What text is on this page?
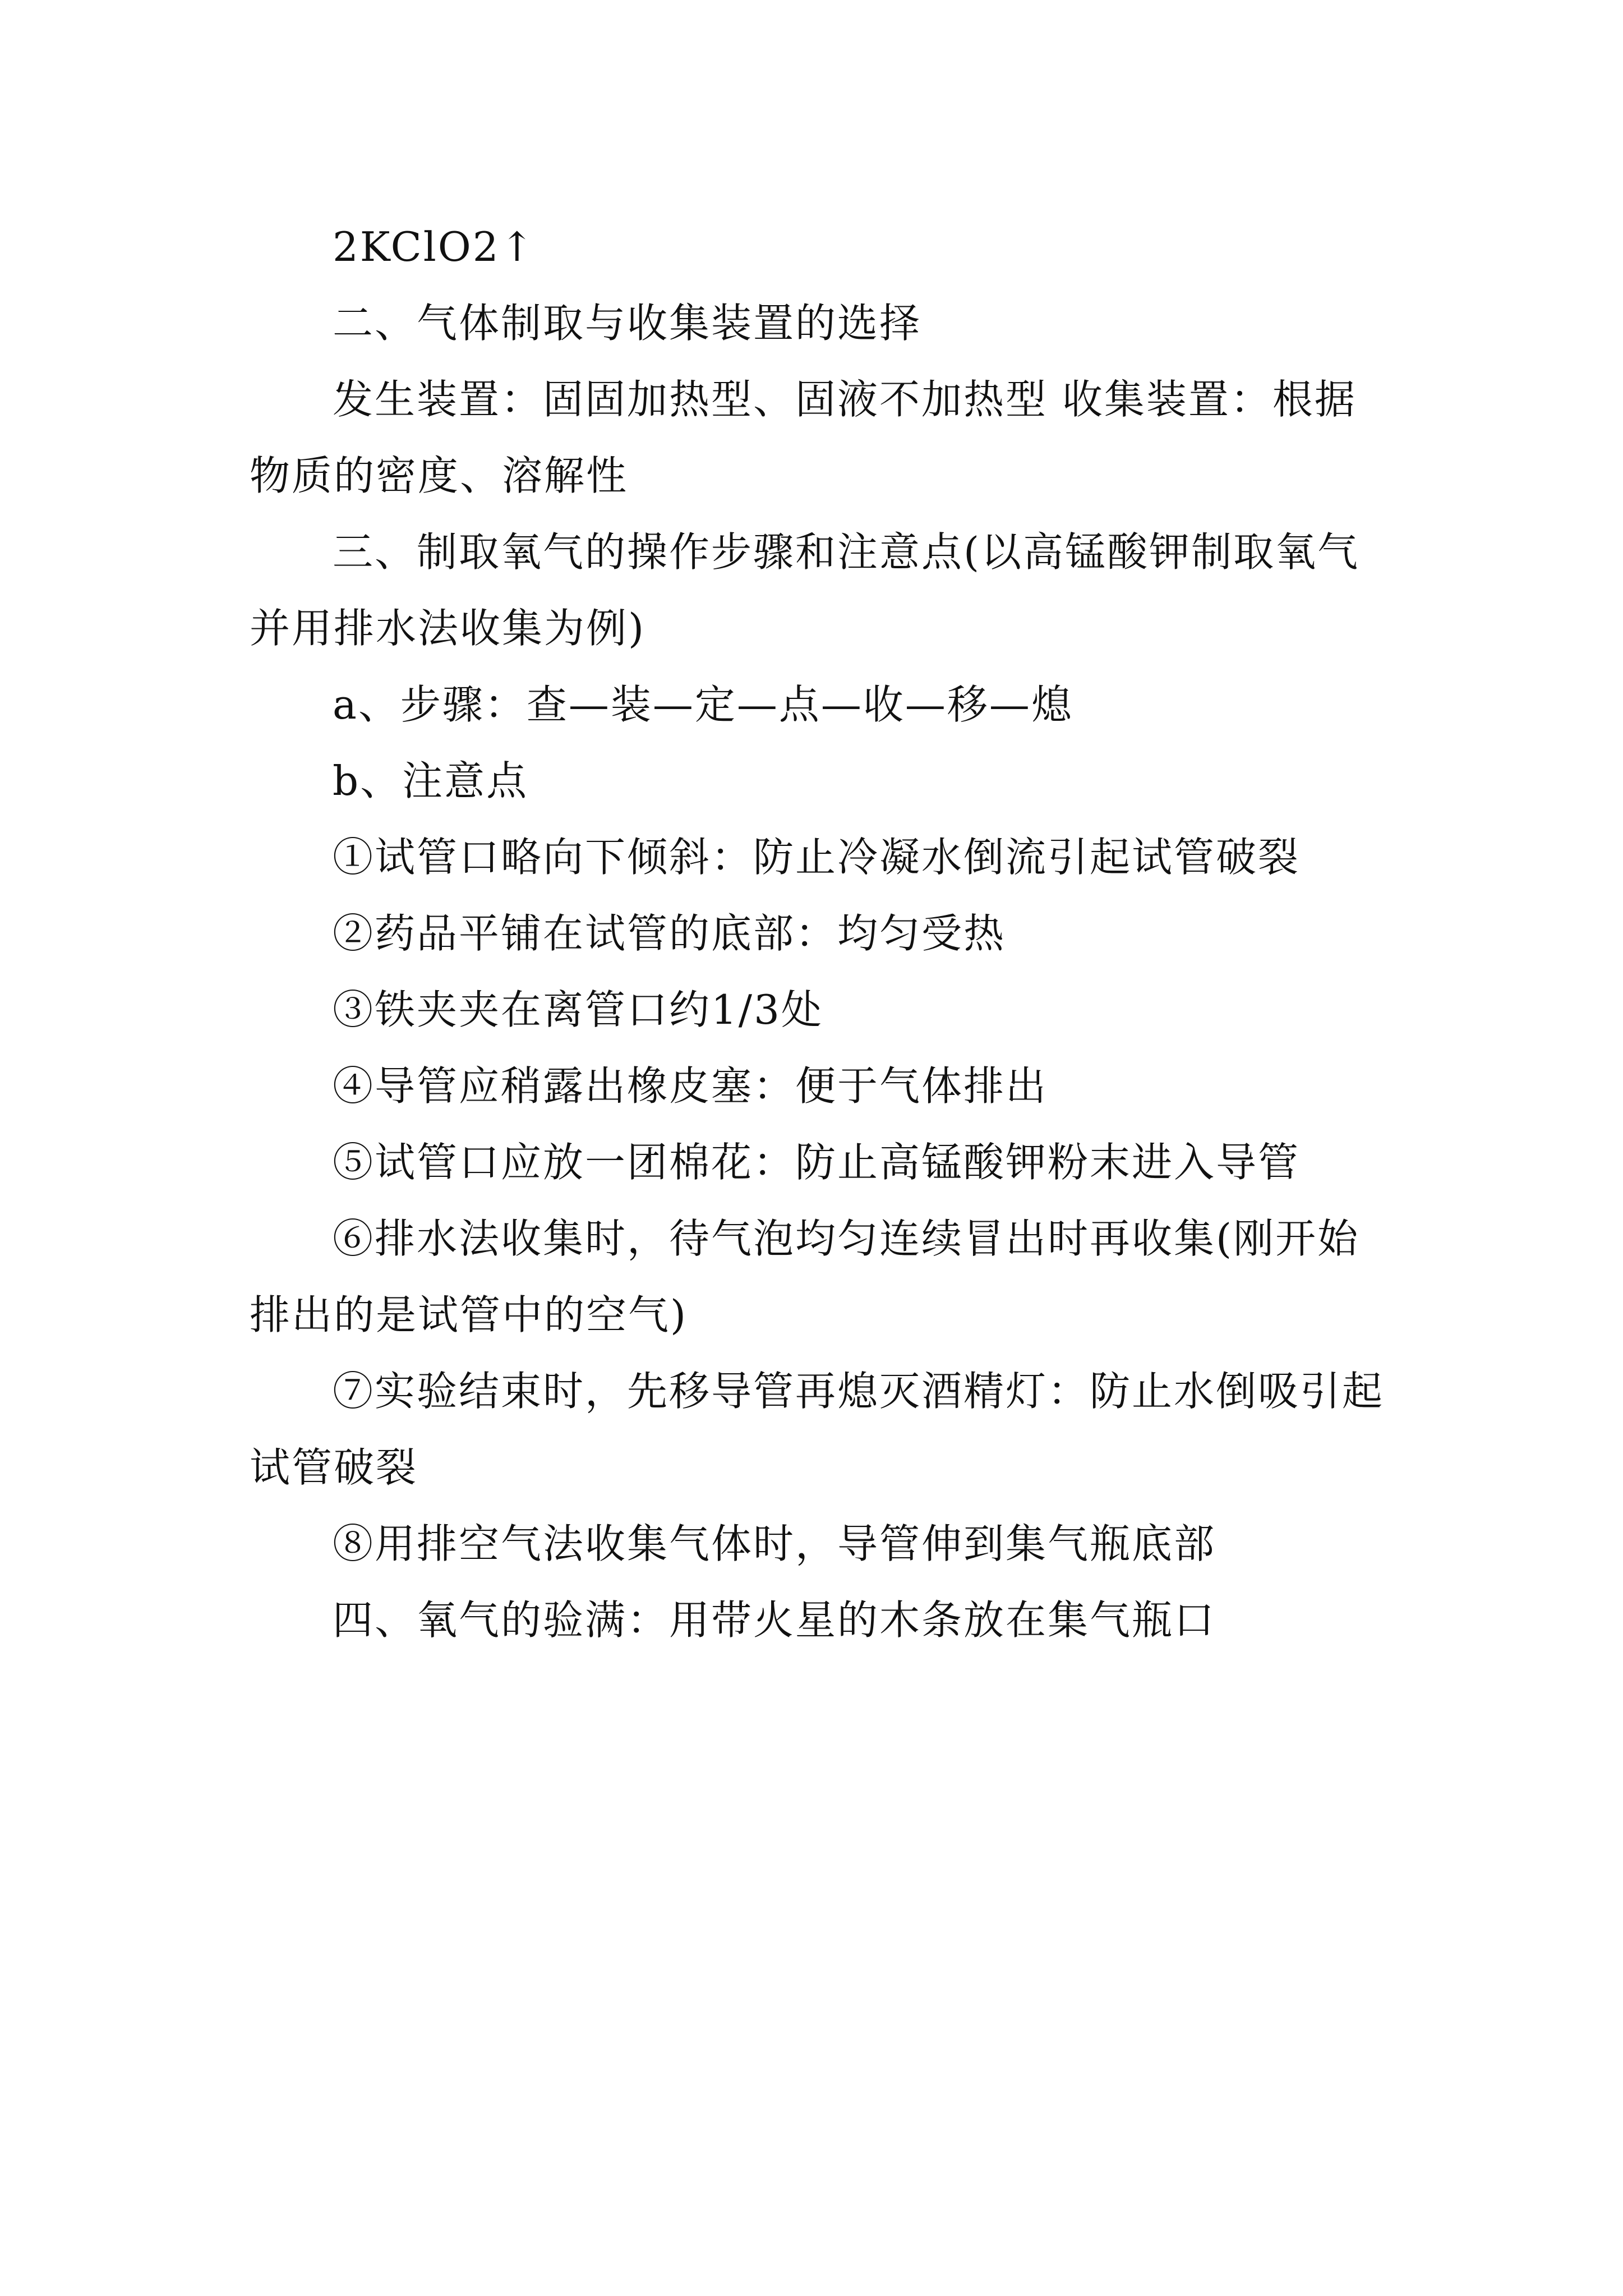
2KClO2↑

二、气体制取与收集装置的选择

发生装置：固固加热型、固液不加热型 收集装置：根据物质的密度、溶解性

三、制取氧气的操作步骤和注意点(以高锰酸钾制取氧气并用排水法收集为例)

a、步骤：查—装—定—点—收—移—熄

b、注意点

①试管口略向下倾斜：防止冷凝水倒流引起试管破裂

②药品平铺在试管的底部：均匀受热

③铁夹夹在离管口约1/3处

④导管应稍露出橡皮塞：便于气体排出

⑤试管口应放一团棉花：防止高锰酸钾粉末进入导管

⑥排水法收集时，待气泡均匀连续冒出时再收集(刚开始排出的是试管中的空气)

⑦实验结束时，先移导管再熄灭酒精灯：防止水倒吸引起试管破裂

⑧用排空气法收集气体时，导管伸到集气瓶底部

四、氧气的验满：用带火星的木条放在集气瓶口
